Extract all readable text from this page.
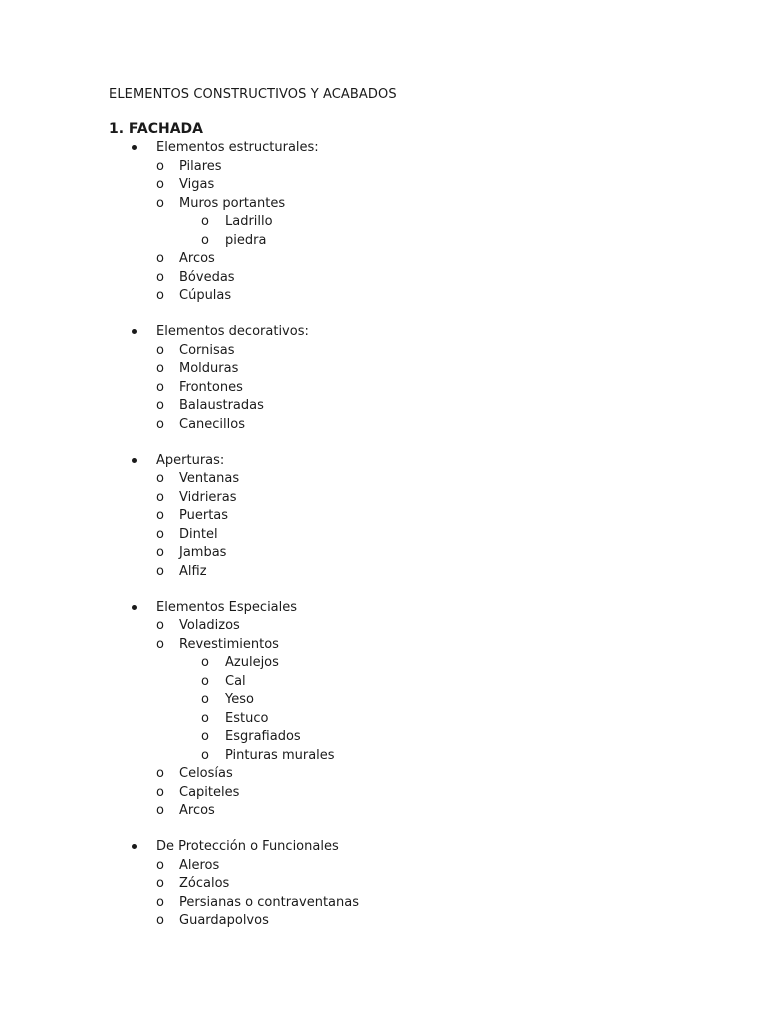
ELEMENTOS CONSTRUCTIVOS Y ACABADOS
1. FACHADA
Elementos estructurales:
o Pilares
o Vigas
o Muros portantes
o Ladrillo
o piedra
o Arcos
o Bóvedas
o Cúpulas
Elementos decorativos:
o Cornisas
o Molduras
o Frontones
o Balaustradas
o Canecillos
Aperturas:
o Ventanas
o Vidrieras
o Puertas
o Dintel
o Jambas
o Alfiz
Elementos Especiales
o Voladizos
o Revestimientos
o Azulejos
o Cal
o Yeso
o Estuco
o Esgrafiados
o Pinturas murales
o Celosías
o Capiteles
o Arcos
De Protección o Funcionales
o Aleros
o Zócalos
o Persianas o contraventanas
o Guardapolvos
